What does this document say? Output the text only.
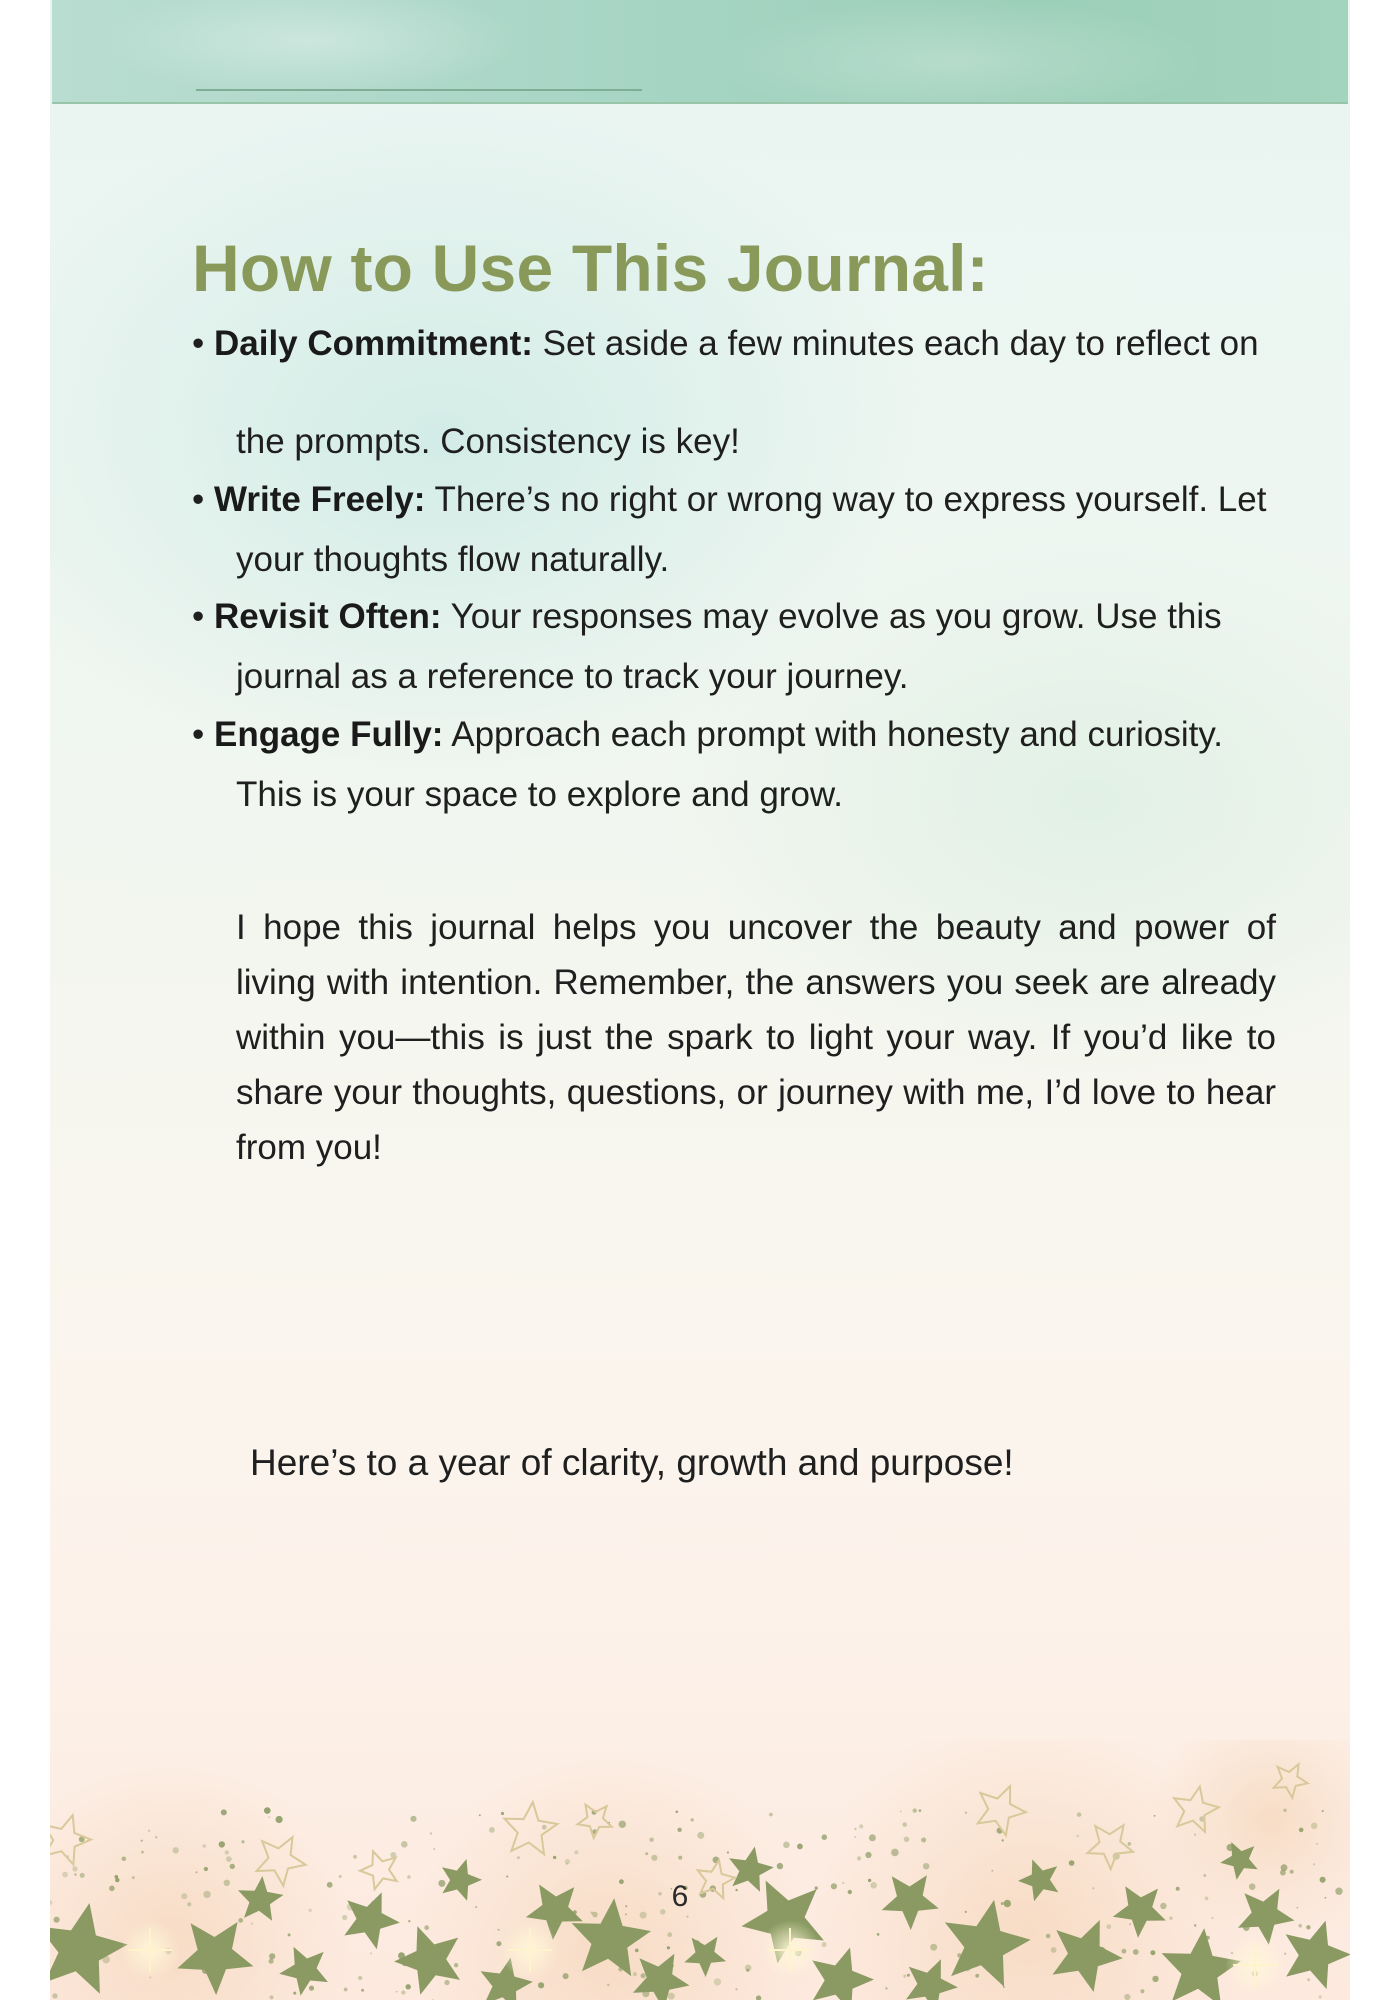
How to Use This Journal:
• Daily Commitment: Set aside a few minutes each day to reflect on
the prompts. Consistency is key!
• Write Freely: There’s no right or wrong way to express yourself. Let
your thoughts flow naturally.
• Revisit Often: Your responses may evolve as you grow. Use this
journal as a reference to track your journey.
• Engage Fully: Approach each prompt with honesty and curiosity.
This is your space to explore and grow.

I hope this journal helps you uncover the beauty and power of living with intention. Remember, the answers you seek are already within you—this is just the spark to light your way. If you’d like to share your thoughts, questions, or journey with me, I’d love to hear from you!

Here’s to a year of clarity, growth and purpose!

6
